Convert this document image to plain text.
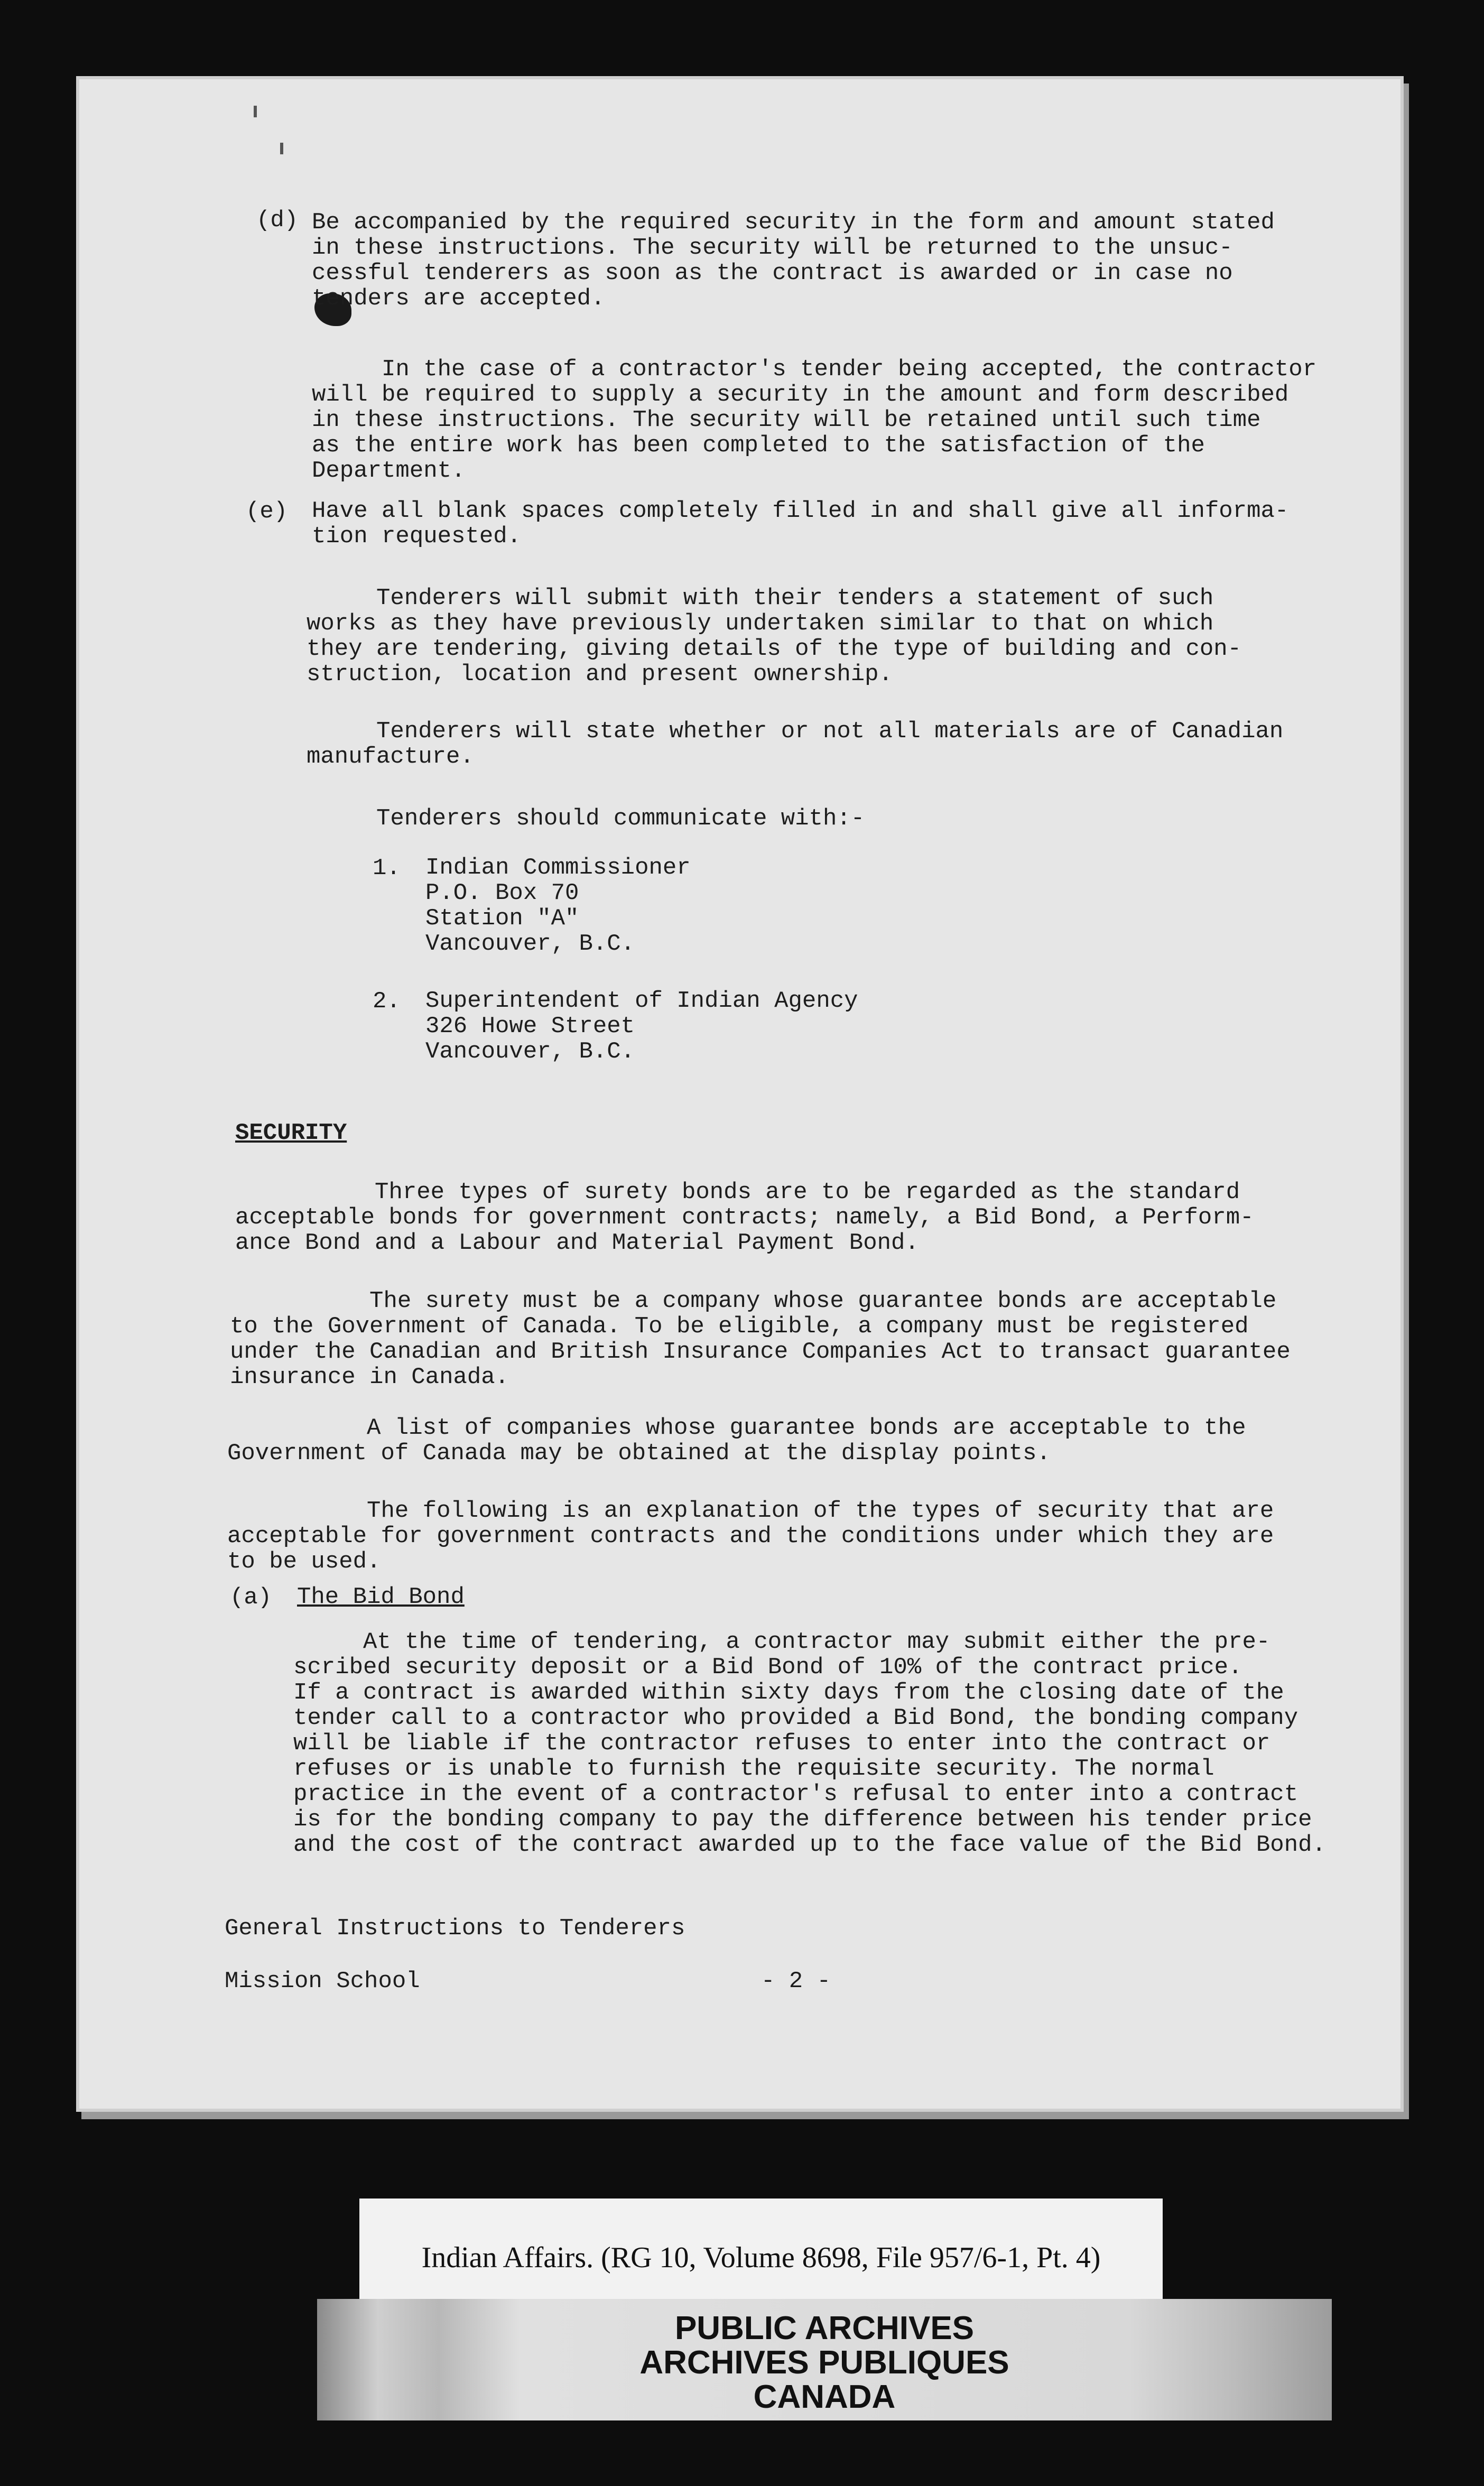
(d) Be accompanied by the required security in the form and amount stated
in these instructions. The security will be returned to the unsuc-
cessful tenderers as soon as the contract is awarded or in case no
tenders are accepted.
In the case of a contractor's tender being accepted, the contractor
will be required to supply a security in the amount and form described
in these instructions. The security will be retained until such time
as the entire work has been completed to the satisfaction of the
Department.
(e) Have all blank spaces completely filled in and shall give all informa-
tion requested.
Tenderers will submit with their tenders a statement of such
works as they have previously undertaken similar to that on which
they are tendering, giving details of the type of building and con-
struction, location and present ownership.
Tenderers will state whether or not all materials are of Canadian
manufacture.
Tenderers should communicate with:-
1. Indian Commissioner
P.O. Box 70
Station "A"
Vancouver, B.C.
2. Superintendent of Indian Agency
326 Howe Street
Vancouver, B.C.
SECURITY
Three types of surety bonds are to be regarded as the standard
acceptable bonds for government contracts; namely, a Bid Bond, a Perform-
ance Bond and a Labour and Material Payment Bond.
The surety must be a company whose guarantee bonds are acceptable
to the Government of Canada. To be eligible, a company must be registered
under the Canadian and British Insurance Companies Act to transact guarantee
insurance in Canada.
A list of companies whose guarantee bonds are acceptable to the
Government of Canada may be obtained at the display points.
The following is an explanation of the types of security that are
acceptable for government contracts and the conditions under which they are
to be used.
(a) The Bid Bond
At the time of tendering, a contractor may submit either the pre-
scribed security deposit or a Bid Bond of 10% of the contract price.
If a contract is awarded within sixty days from the closing date of the
tender call to a contractor who provided a Bid Bond, the bonding company
will be liable if the contractor refuses to enter into the contract or
refuses or is unable to furnish the requisite security. The normal
practice in the event of a contractor's refusal to enter into a contract
is for the bonding company to pay the difference between his tender price
and the cost of the contract awarded up to the face value of the Bid Bond.
General Instructions to Tenderers
Mission School	- 2 -
Indian Affairs. (RG 10, Volume 8698, File 957/6-1, Pt. 4)
PUBLIC ARCHIVES
ARCHIVES PUBLIQUES
CANADA
